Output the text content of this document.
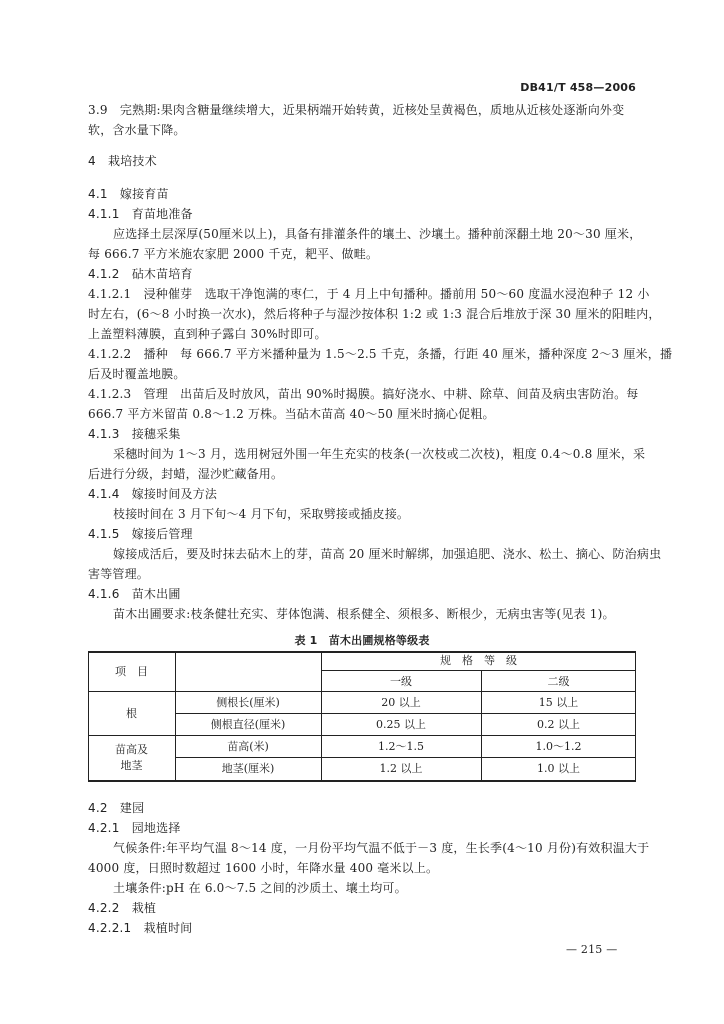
DB41/T 458—2006
3.9　完熟期:果肉含糖量继续增大，近果柄端开始转黄，近核处呈黄褐色，质地从近核处逐渐向外变
软，含水量下降。
4　栽培技术
4.1　嫁接育苗
4.1.1　育苗地准备
应选择土层深厚(50厘米以上)，具备有排灌条件的壤土、沙壤土。播种前深翻土地 20～30 厘米，
每 666.7 平方米施农家肥 2000 千克，耙平、做畦。
4.1.2　砧木苗培育
4.1.2.1　浸种催芽　选取干净饱满的枣仁，于 4 月上中旬播种。播前用 50～60 度温水浸泡种子 12 小
时左右，(6～8 小时换一次水)，然后将种子与湿沙按体积 1:2 或 1:3 混合后堆放于深 30 厘米的阳畦内，
上盖塑料薄膜，直到种子露白 30%时即可。
4.1.2.2　播种　每 666.7 平方米播种量为 1.5～2.5 千克，条播，行距 40 厘米，播种深度 2～3 厘米，播
后及时覆盖地膜。
4.1.2.3　管理　出苗后及时放风，苗出 90%时揭膜。搞好浇水、中耕、除草、间苗及病虫害防治。每
666.7 平方米留苗 0.8～1.2 万株。当砧木苗高 40～50 厘米时摘心促粗。
4.1.3　接穗采集
采穗时间为 1～3 月，选用树冠外围一年生充实的枝条(一次枝或二次枝)，粗度 0.4～0.8 厘米，采
后进行分级，封蜡，湿沙贮藏备用。
4.1.4　嫁接时间及方法
枝接时间在 3 月下旬～4 月下旬，采取劈接或插皮接。
4.1.5　嫁接后管理
嫁接成活后，要及时抹去砧木上的芽，苗高 20 厘米时解绑，加强追肥、浇水、松土、摘心、防治病虫
害等管理。
4.1.6　苗木出圃
苗木出圃要求:枝条健壮充实、芽体饱满、根系健全、须根多、断根少，无病虫害等(见表 1)。
表 1　苗木出圃规格等级表
项　目
规　格　等　级
一级	二级
根
侧根长(厘米)	20 以上	15 以上
侧根直径(厘米)	0.25 以上	0.2 以上
苗高及
地茎
苗高(米)	1.2～1.5	1.0～1.2
地茎(厘米)	1.2 以上	1.0 以上
4.2　建园
4.2.1　园地选择
气候条件:年平均气温 8～14 度，一月份平均气温不低于－3 度，生长季(4～10 月份)有效积温大于
4000 度，日照时数超过 1600 小时，年降水量 400 毫米以上。
土壤条件:pH 在 6.0～7.5 之间的沙质土、壤土均可。
4.2.2　栽植
4.2.2.1　栽植时间
— 215 —
